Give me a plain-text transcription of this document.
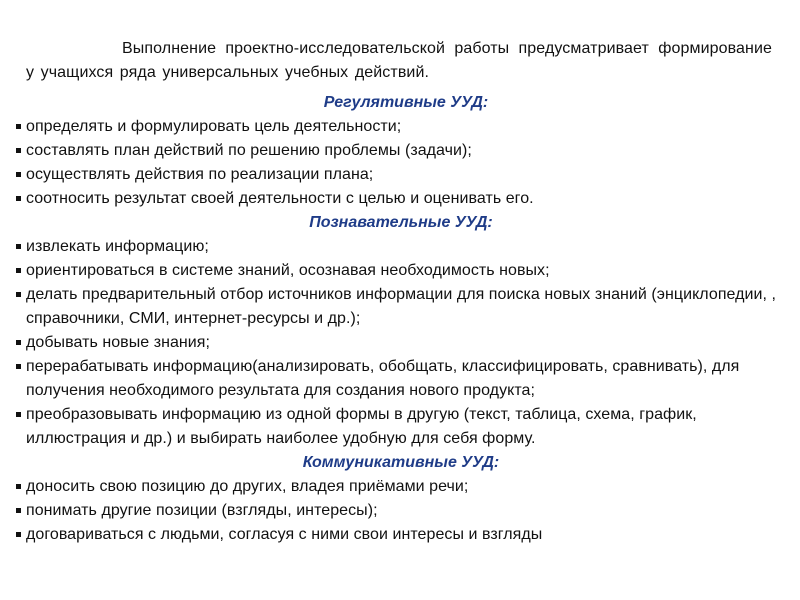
Выполнение проектно-исследовательской работы предусматривает формирование у учащихся ряда универсальных учебных действий.

Регулятивные УУД:
определять и формулировать цель деятельности;
составлять план действий по решению проблемы (задачи);
осуществлять действия по реализации плана;
соотносить результат своей деятельности с целью и оценивать его.
Познавательные УУД:
извлекать информацию;
ориентироваться в системе знаний, осознавая необходимость новых;
делать предварительный отбор источников информации для поиска новых знаний (энциклопедии, , справочники, СМИ, интернет-ресурсы и др.);
добывать новые знания;
перерабатывать информацию(анализировать, обобщать, классифицировать, сравнивать), для получения необходимого результата для создания нового продукта;
преобразовывать информацию из одной формы в другую (текст, таблица, схема, график, иллюстрация и др.) и выбирать наиболее удобную для себя форму.
Коммуникативные УУД:
доносить свою позицию до других, владея приёмами речи;
понимать другие позиции (взгляды, интересы);
договариваться с людьми, согласуя с ними свои интересы и взгляды
